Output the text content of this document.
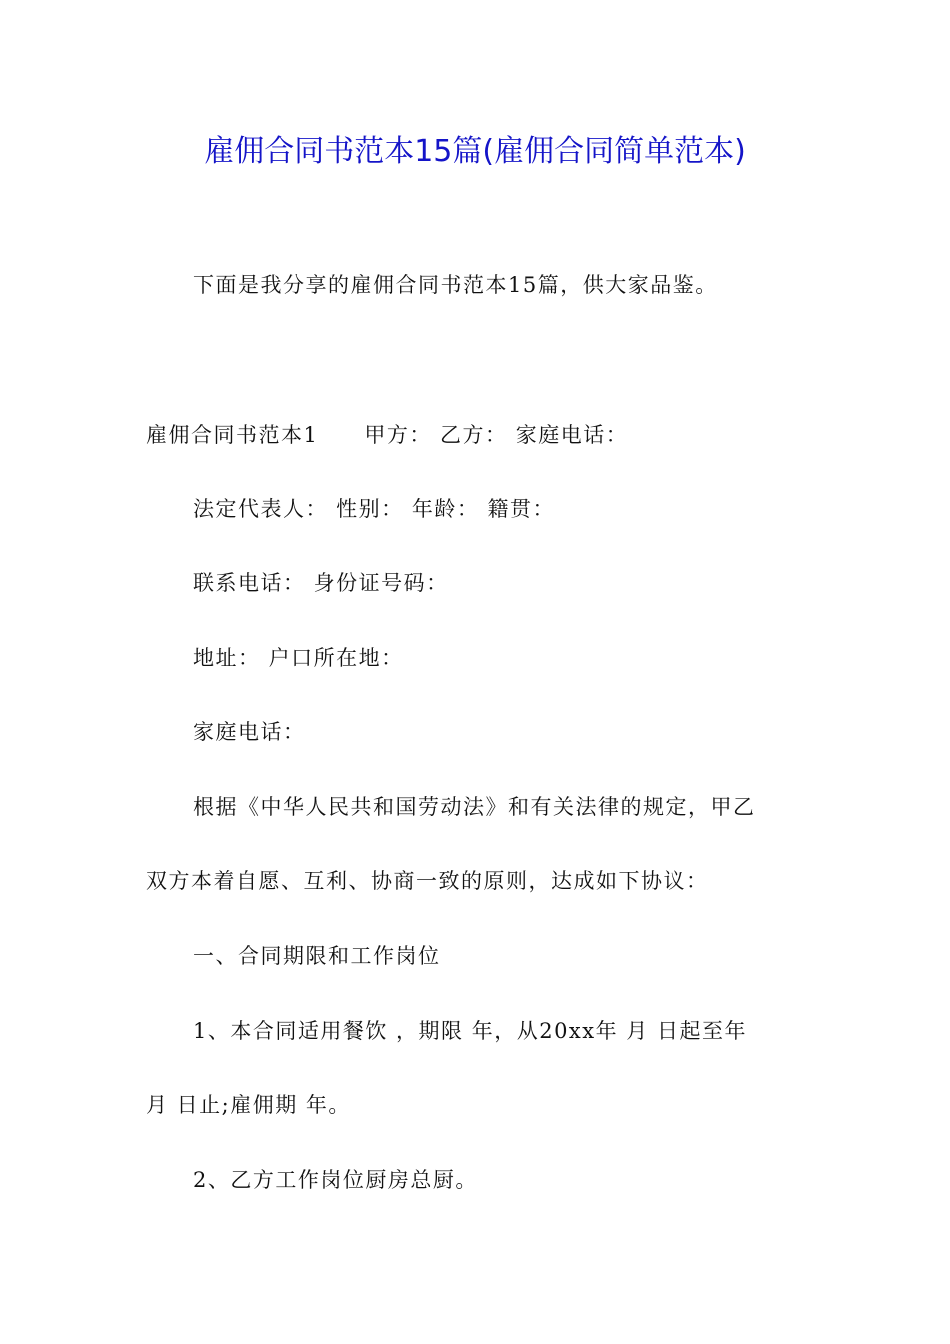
雇佣合同书范本15篇(雇佣合同简单范本)
下面是我分享的雇佣合同书范本15篇，供大家品鉴。
雇佣合同书范本1 甲方： 乙方： 家庭电话：
法定代表人： 性别： 年龄： 籍贯：
联系电话： 身份证号码：
地址： 户口所在地：
家庭电话：
根据《中华人民共和国劳动法》和有关法律的规定，甲乙
双方本着自愿、互利、协商一致的原则，达成如下协议：
一、合同期限和工作岗位
1、本合同适用餐饮 ，期限 年，从20xx年 月 日起至年
月 日止;雇佣期 年。
2、乙方工作岗位厨房总厨。
